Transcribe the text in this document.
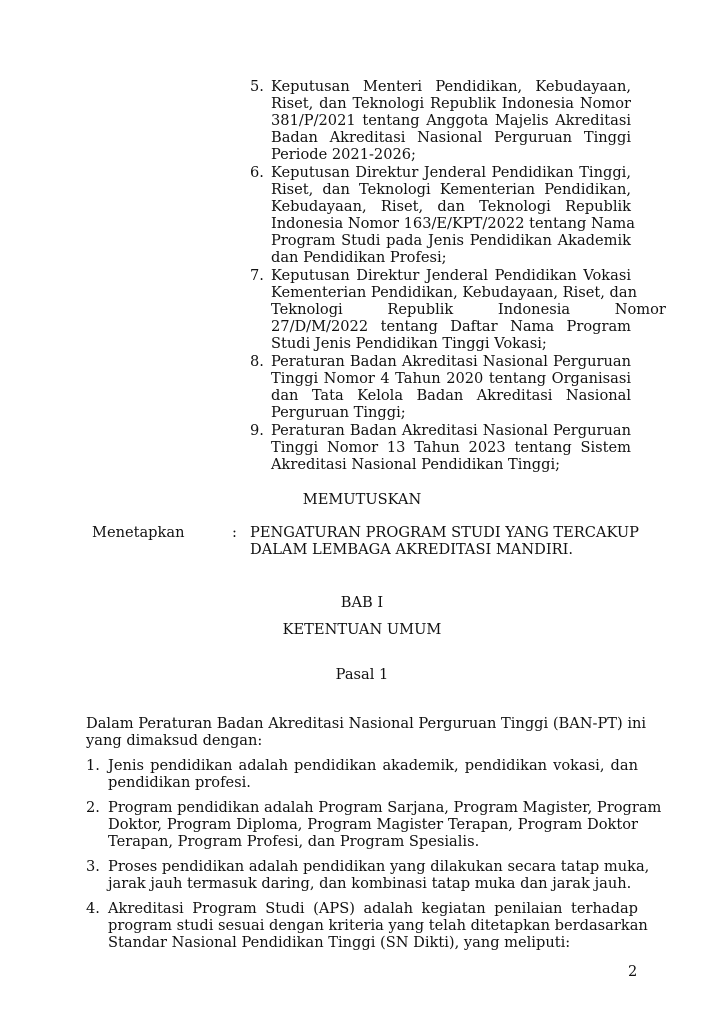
5. Keputusan Menteri Pendidikan, Kebudayaan,
Riset, dan Teknologi Republik Indonesia Nomor
381/P/2021 tentang Anggota Majelis Akreditasi
Badan Akreditasi Nasional Perguruan Tinggi
Periode 2021-2026;
6. Keputusan Direktur Jenderal Pendidikan Tinggi,
Riset, dan Teknologi Kementerian Pendidikan,
Kebudayaan, Riset, dan Teknologi Republik
Indonesia Nomor 163/E/KPT/2022 tentang Nama
Program Studi pada Jenis Pendidikan Akademik
dan Pendidikan Profesi;
7. Keputusan Direktur Jenderal Pendidikan Vokasi
Kementerian Pendidikan, Kebudayaan, Riset, dan
Teknologi Republik Indonesia Nomor
27/D/M/2022 tentang Daftar Nama Program
Studi Jenis Pendidikan Tinggi Vokasi;
8. Peraturan Badan Akreditasi Nasional Perguruan
Tinggi Nomor 4 Tahun 2020 tentang Organisasi
dan Tata Kelola Badan Akreditasi Nasional
Perguruan Tinggi;
9. Peraturan Badan Akreditasi Nasional Perguruan
Tinggi Nomor 13 Tahun 2023 tentang Sistem
Akreditasi Nasional Pendidikan Tinggi;
MEMUTUSKAN
Menetapkan	: PENGATURAN PROGRAM STUDI YANG TERCAKUP
DALAM LEMBAGA AKREDITASI MANDIRI.
BAB I
KETENTUAN UMUM
Pasal 1
Dalam Peraturan Badan Akreditasi Nasional Perguruan Tinggi (BAN-PT) ini
yang dimaksud dengan:
1. Jenis pendidikan adalah pendidikan akademik, pendidikan vokasi, dan
pendidikan profesi.
2. Program pendidikan adalah Program Sarjana, Program Magister, Program
Doktor, Program Diploma, Program Magister Terapan, Program Doktor
Terapan, Program Profesi, dan Program Spesialis.
3. Proses pendidikan adalah pendidikan yang dilakukan secara tatap muka,
jarak jauh termasuk daring, dan kombinasi tatap muka dan jarak jauh.
4. Akreditasi Program Studi (APS) adalah kegiatan penilaian terhadap
program studi sesuai dengan kriteria yang telah ditetapkan berdasarkan
Standar Nasional Pendidikan Tinggi (SN Dikti), yang meliputi:
2
